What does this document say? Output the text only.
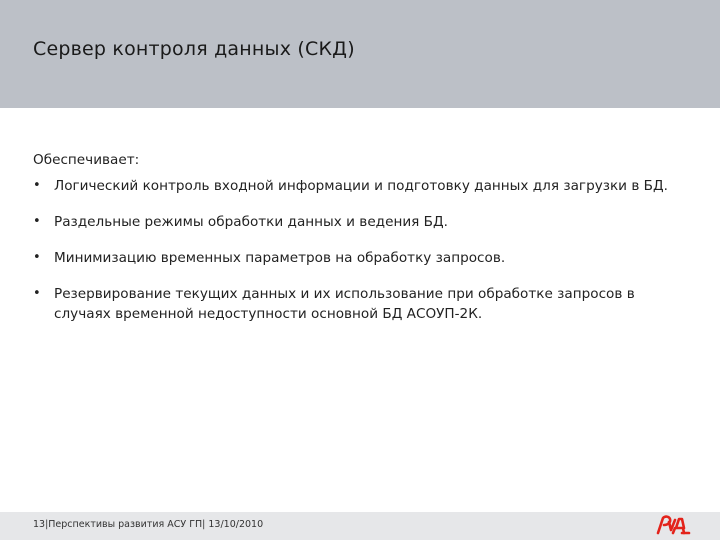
Сервер контроля данных (СКД)
Обеспечивает:
• Логический контроль входной информации и подготовку данных для загрузки в БД.
• Раздельные режимы обработки данных и ведения БД.
• Минимизацию временных параметров на обработку запросов.
• Резервирование текущих данных и их использование при обработке запросов в случаях временной недоступности основной БД АСОУП-2К.
13|Перспективы развития АСУ ГП| 13/10/2010
